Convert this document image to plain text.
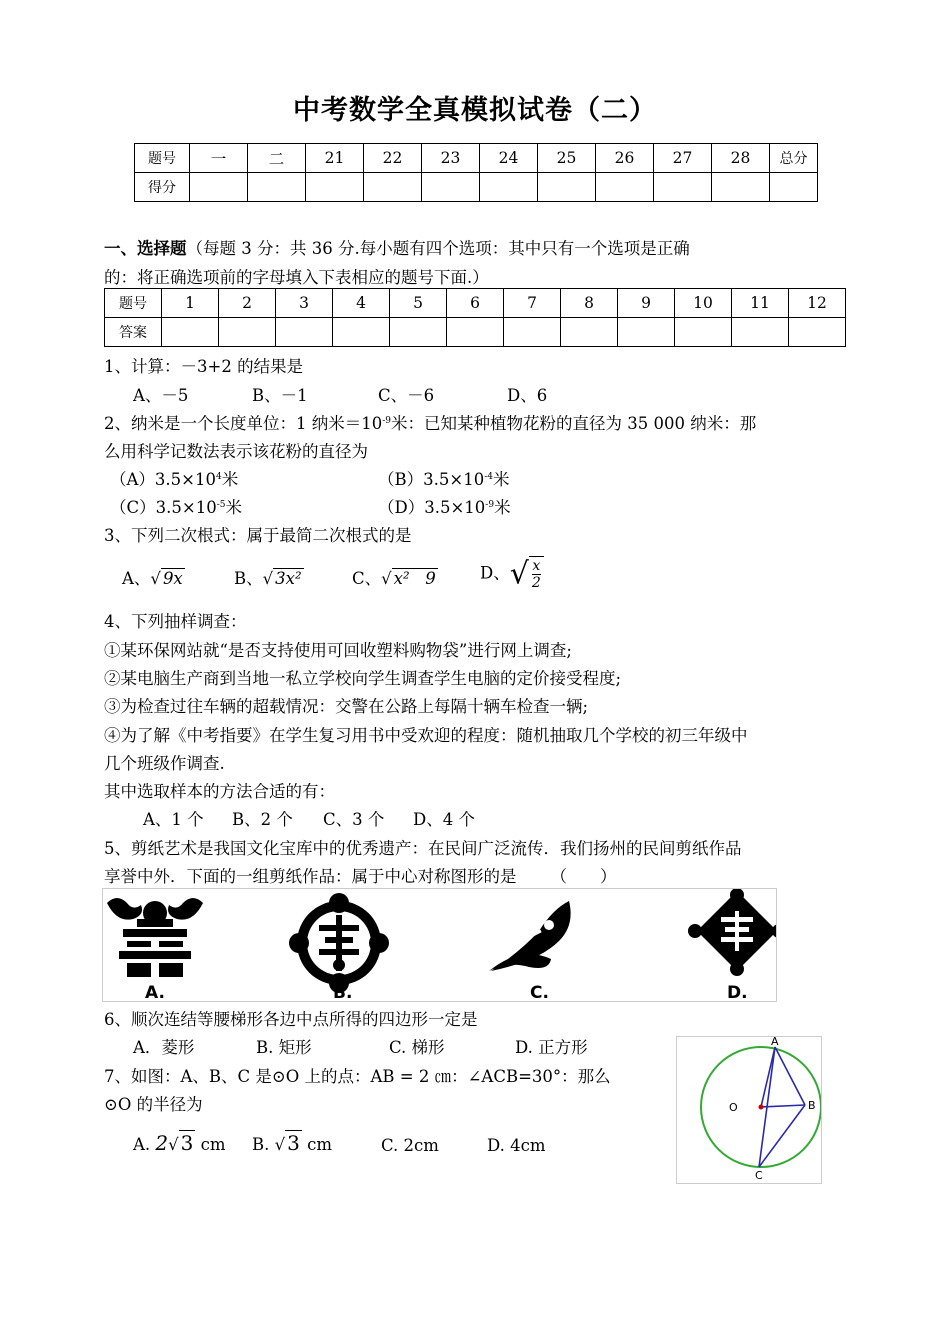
中考数学全真模拟试卷（二）
题号	一	二	21	22	23	24	25	26	27	28	总分
得分											
一、选择题（每题 3 分：共 36 分.每小题有四个选项：其中只有一个选项是正确
的：将正确选项前的字母填入下表相应的题号下面.）
题号	1	2	3	4	5	6	7	8	9	10	11	12
答案												
1、计算：－3+2 的结果是
A、－5	B、－1	C、－6	D、6
2、纳米是一个长度单位：1 纳米$=10^{-9}$米：已知某种植物花粉的直径为 35 000 纳米：那
么用科学记数法表示该花粉的直径为
$(A)3.5\times 10^4$米	$(B)3.5\times 10^{-4}$米
$(C)3.5\times 10^{-5}$米	$(D)3.5\times 10^{-9}$米
3、下列二次根式：属于最简二次根式的是
A、√ 9x	B、√ 3x²	C、√ x²   9	D、√ $\frac{x}{2}$
4、下列抽样调查：
①某环保网站就“是否支持使用可回收塑料购物袋”进行网上调查;
②某电脑生产商到当地一私立学校向学生调查学生电脑的定价接受程度;
③为检查过往车辆的超载情况：交警在公路上每隔十辆车检查一辆;
④为了解《中考指要》在学生复习用书中受欢迎的程度：随机抽取几个学校的初三年级中
几个班级作调查.
其中选取样本的方法合适的有：
A、1 个 B、2 个 C、3 个 D、4 个
5、剪纸艺术是我国文化宝库中的优秀遗产：在民间广泛流传．我们扬州的民间剪纸作品
享誉中外．下面的一组剪纸作品：属于中心对称图形的是 （　　）
A.	B.	C.	D.
6、顺次连结等腰梯形各边中点所得的四边形一定是
A．菱形	B. 矩形	C. 梯形	D. 正方形
7、如图：A、B、C 是⊙O 上的点：AB = 2 ㎝：∠ACB=30°：那么
⊙O 的半径为
A. 2√ 3 cm B. √ 3 cm	C. 2cm	D. 4cm
O
A
B
C
